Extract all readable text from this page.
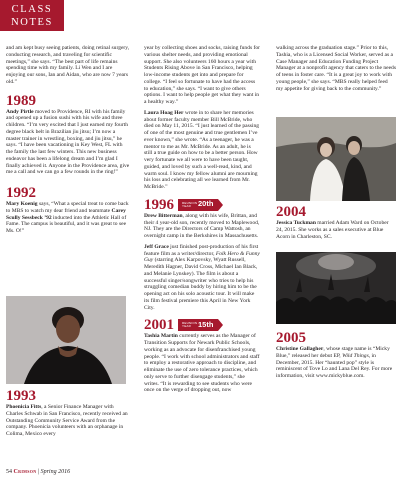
CLASS
NOTES

and am kept busy seeing patients, doing retinal surgery, conducting research, and traveling for scientific meetings,” she says. “The best part of life remains spending time with my family. Li Wen and I are enjoying our sons, Ian and Aidan, who are now 7 years old.”

1989

Andy Pirtle moved to Providence, RI with his family and opened up a fusion sushi with his wife and three children. “I’m very excited that I just earned my fourth degree black belt in Brazilian jiu jitsu; I’m now a master trainer in wrestling, boxing, and jiu jitsu,” he says. “I have been vacationing in Key West, FL with the family the last few winters. This new business endeavor has been a lifelong dream and I’m glad I finally achieved it. Anyone in the Providence area, give me a call and we can go a few rounds in the ring!”

1992

Mary Koenig says, “What a special treat to come back to MBS to watch my dear friend and teammate Carey Scully Sessbeck ’92 inducted into the Athletic Hall of Fame. The campus is beautiful, and it was great to see Ms. O!”

1993

Phoenicia Fitts, a Senior Finance Manager with Charles Schwab in San Francisco, recently received an Outstanding Community Service Award from the company. Phoenicia volunteers with an orphanage in Colima, Mexico every

year by collecting shoes and socks, raising funds for various shelter needs, and providing emotional support. She also volunteers 160 hours a year with Students Rising Above in San Francisco, helping low-income students get into and prepare for college. “I feel so fortunate to have had the access to education,” she says. “I want to give others options. I want to help people get what they want in a healthy way.”

Laura Hoag Her wrote in to share her memories about former faculty member Bill McBride, who died on May 11, 2015. “I just learned of the passing of one of the most genuine and true gentlemen I’ve ever known,” she wrote. “As a teenager, he was a mentor to me as Mr. McBride. As an adult, he is still a true guide on how to be a better person. How very fortunate we all were to have been taught, guided, and loved by such a well-read, kind, and warm soul. I know my fellow alumni are mourning his loss and celebrating all we learned from Mr. McBride.”

1996	REUNION YEAR 20th

Drew Bitterman, along with his wife, Brittan, and their 4 year-old son, recently moved to Maplewood, NJ. They are the Directors of Camp Wattosh, an overnight camp in the Berkshires in Massachusetts.

Jeff Grace just finished post-production of his first feature film as a writer/director, Folk Hero & Funny Guy (starring Alex Karpovsky, Wyatt Russell, Meredith Hagner, David Cross, Michael Ian Black, and Melanie Lynskey). The film is about a successful singer/songwriter who tries to help his struggling comedian buddy by hiring him to be the opening act on his solo acoustic tour. It will make its film festival premiere this April in New York City.

2001	REUNION YEAR 15th

Tashia Martin currently serves as the Manager of Transition Supports for Newark Public Schools, working as an advocate for disenfranchised young people. “I work with school administrators and staff to employ a restorative approach to discipline, and eliminate the use of zero tolerance practices, which only serve to further disengage students,” she writes. “It is rewarding to see students who were once on the verge of dropping out, now

walking across the graduation stage.” Prior to this, Tashia, who is a Licensed Social Worker, served as a Case Manager and Education Funding Project Manager at a nonprofit agency that caters to the needs of teens in foster care. “It is a great joy to work with young people,” she says. “MBS really helped feed my appetite for giving back to the community.”

2004

Jessica Tuckman married Adam Ward on October 24, 2015. She works as a sales executive at Blue Acorn in Charleston, SC.

2005

Christine Gallagher, whose stage name is “Micky Blue,” released her debut EP, Wild Things, in December, 2015. Her “haunted pop” style is reminiscent of Tove Lo and Lana Del Rey. For more information, visit www.mickyblue.com.

54 Crimson | Spring 2016
